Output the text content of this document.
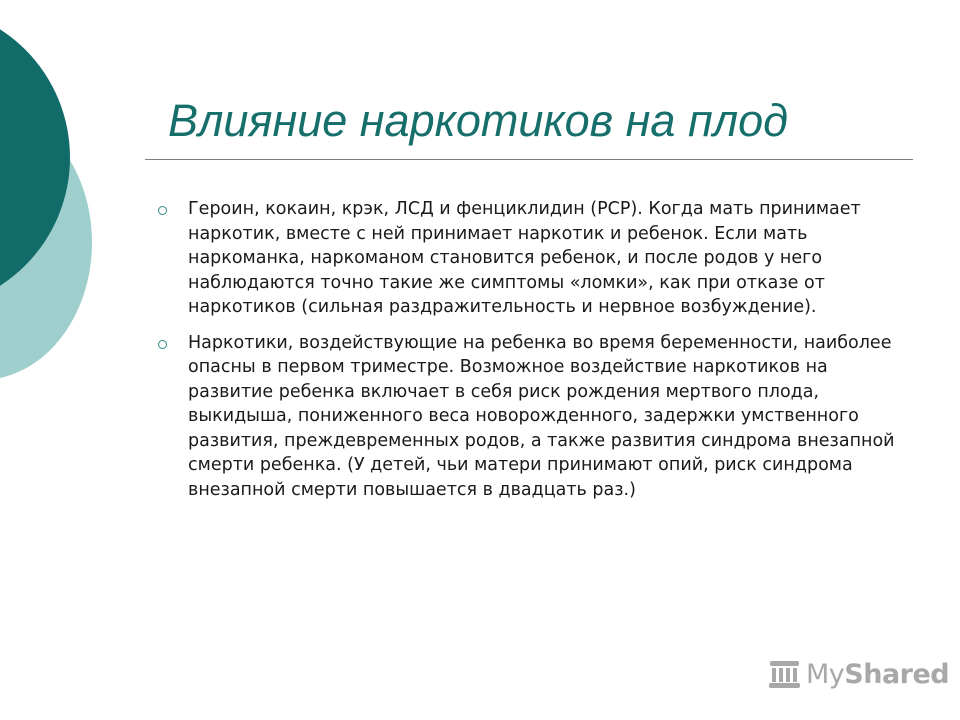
Влияние наркотиков на плод
Героин, кокаин, крэк, ЛСД и фенциклидин (PCP). Когда мать принимает наркотик, вместе с ней принимает наркотик и ребенок. Если мать наркоманка, наркоманом становится ребенок, и после родов у него наблюдаются точно такие же симптомы «ломки», как при отказе от наркотиков (сильная раздражительность и нервное возбуждение).
Наркотики, воздействующие на ребенка во время беременности, наиболее опасны в первом триместре. Возможное воздействие наркотиков на развитие ребенка включает в себя риск рождения мертвого плода, выкидыша, пониженного веса новорожденного, задержки умственного развития, преждевременных родов, а также развития синдрома внезапной смерти ребенка. (У детей, чьи матери принимают опий, риск синдрома внезапной смерти повышается в двадцать раз.)
MyShared
